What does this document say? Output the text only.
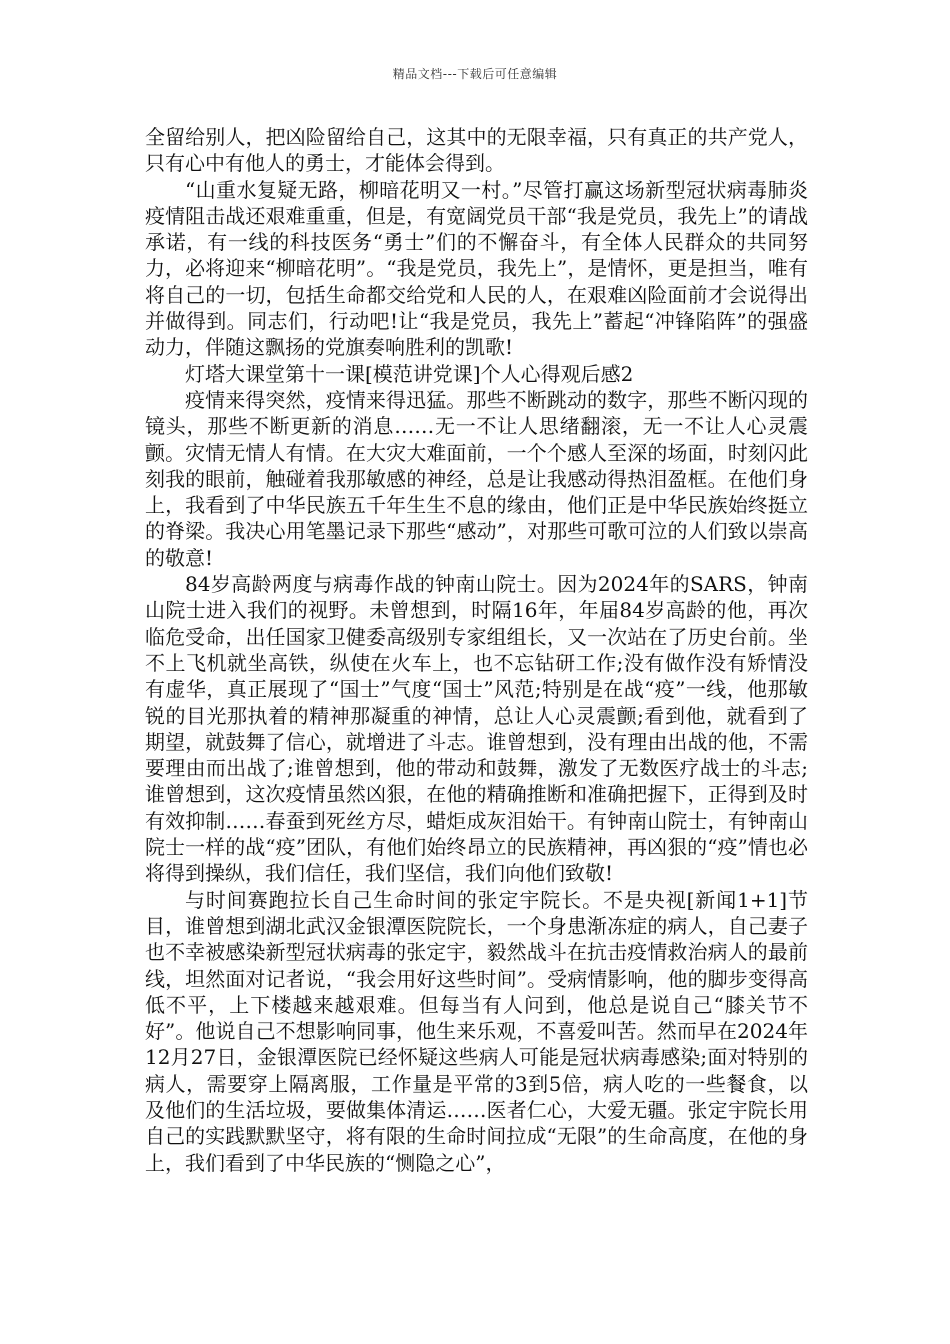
精品文档---下载后可任意编辑

全留给别人，把凶险留给自己，这其中的无限幸福，只有真正的共产党人，只有心中有他人的勇士，才能体会得到。

“山重水复疑无路，柳暗花明又一村。”尽管打赢这场新型冠状病毒肺炎疫情阻击战还艰难重重，但是，有宽阔党员干部“我是党员，我先上”的请战承诺，有一线的科技医务“勇士”们的不懈奋斗，有全体人民群众的共同努力，必将迎来“柳暗花明”。“我是党员，我先上”，是情怀，更是担当，唯有将自己的一切，包括生命都交给党和人民的人，在艰难凶险面前才会说得出并做得到。同志们，行动吧!让“我是党员，我先上”蓄起“冲锋陷阵”的强盛动力，伴随这飘扬的党旗奏响胜利的凯歌!

灯塔大课堂第十一课[模范讲党课]个人心得观后感2

疫情来得突然，疫情来得迅猛。那些不断跳动的数字，那些不断闪现的镜头，那些不断更新的消息……无一不让人思绪翻滚，无一不让人心灵震颤。灾情无情人有情。在大灾大难面前，一个个感人至深的场面，时刻闪此刻我的眼前，触碰着我那敏感的神经，总是让我感动得热泪盈框。在他们身上，我看到了中华民族五千年生生不息的缘由，他们正是中华民族始终挺立的脊梁。我决心用笔墨记录下那些“感动”，对那些可歌可泣的人们致以崇高的敬意!

84岁高龄两度与病毒作战的钟南山院士。因为2024年的SARS，钟南山院士进入我们的视野。未曾想到，时隔16年，年届84岁高龄的他，再次临危受命，出任国家卫健委高级别专家组组长，又一次站在了历史台前。坐不上飞机就坐高铁，纵使在火车上，也不忘钻研工作;没有做作没有矫情没有虚华，真正展现了“国士”气度“国士”风范;特别是在战“疫”一线，他那敏锐的目光那执着的精神那凝重的神情，总让人心灵震颤;看到他，就看到了期望，就鼓舞了信心，就增进了斗志。谁曾想到，没有理由出战的他，不需要理由而出战了;谁曾想到，他的带动和鼓舞，激发了无数医疗战士的斗志;谁曾想到，这次疫情虽然凶狠，在他的精确推断和准确把握下，正得到及时有效抑制……春蚕到死丝方尽，蜡炬成灰泪始干。有钟南山院士，有钟南山院士一样的战“疫”团队，有他们始终昂立的民族精神，再凶狠的“疫”情也必将得到操纵，我们信任，我们坚信，我们向他们致敬!

与时间赛跑拉长自己生命时间的张定宇院长。不是央视[新闻1+1]节目，谁曾想到湖北武汉金银潭医院院长，一个身患渐冻症的病人，自己妻子也不幸被感染新型冠状病毒的张定宇，毅然战斗在抗击疫情救治病人的最前线，坦然面对记者说，“我会用好这些时间”。受病情影响，他的脚步变得高低不平，上下楼越来越艰难。但每当有人问到，他总是说自己“膝关节不好”。他说自己不想影响同事，他生来乐观，不喜爱叫苦。然而早在2024年12月27日，金银潭医院已经怀疑这些病人可能是冠状病毒感染;面对特别的病人，需要穿上隔离服，工作量是平常的3到5倍，病人吃的一些餐食，以及他们的生活垃圾，要做集体清运……医者仁心，大爱无疆。张定宇院长用自己的实践默默坚守，将有限的生命时间拉成“无限”的生命高度，在他的身上，我们看到了中华民族的“恻隐之心”，
